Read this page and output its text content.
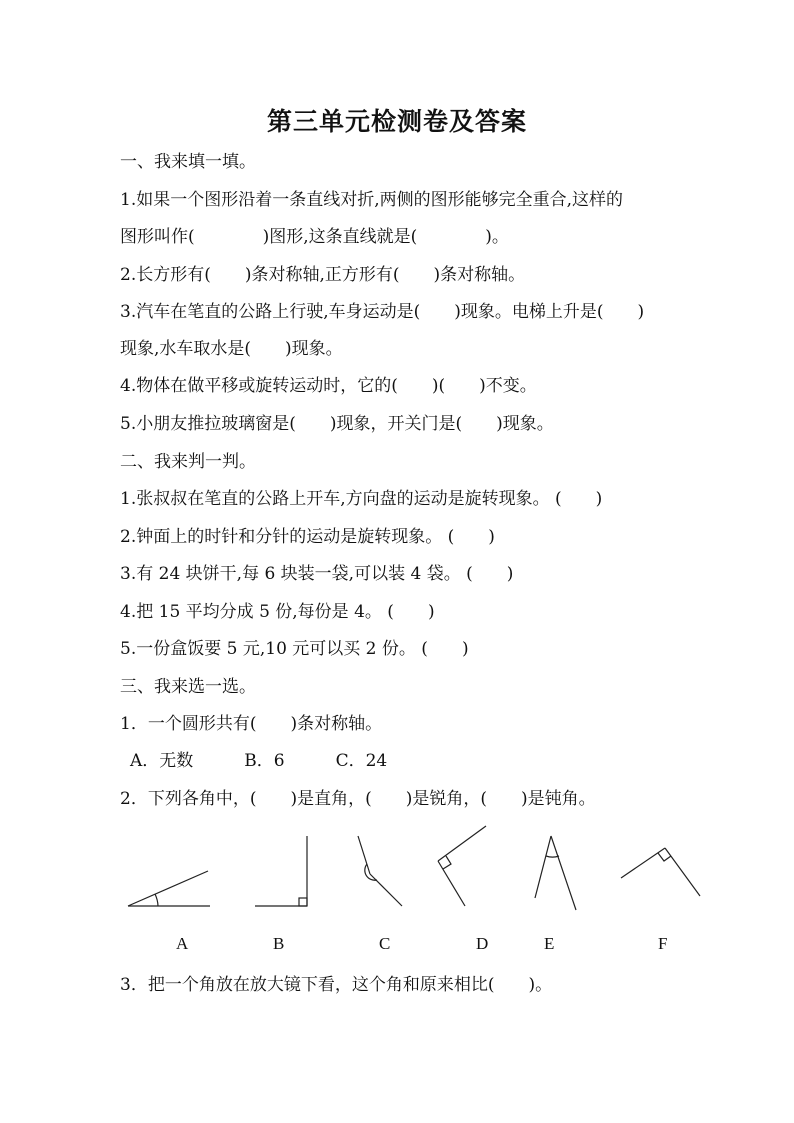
第三单元检测卷及答案
一、我来填一填。
1.如果一个图形沿着一条直线对折,两侧的图形能够完全重合,这样的
图形叫作(　　　　)图形,这条直线就是(　　　　)。
2.长方形有(　　)条对称轴,正方形有(　　)条对称轴。
3.汽车在笔直的公路上行驶,车身运动是(　　)现象。电梯上升是(　　)
现象,水车取水是(　　)现象。
4.物体在做平移或旋转运动时，它的(　　)(　　)不变。
5.小朋友推拉玻璃窗是(　　)现象，开关门是(　　)现象。
二、我来判一判。
1.张叔叔在笔直的公路上开车,方向盘的运动是旋转现象。 (　　)
2.钟面上的时针和分针的运动是旋转现象。 (　　)
3.有 24 块饼干,每 6 块装一袋,可以装 4 袋。 (　　)
4.把 15 平均分成 5 份,每份是 4。 (　　)
5.一份盒饭要 5 元,10 元可以买 2 份。 (　　)
三、我来选一选。
1．一个圆形共有(　　)条对称轴。
A．无数　　　B．6　　　C．24
2．下列各角中，(　　)是直角，(　　)是锐角，(　　)是钝角。
A	B	C	D	E	F
3．把一个角放在放大镜下看，这个角和原来相比(　　)。
